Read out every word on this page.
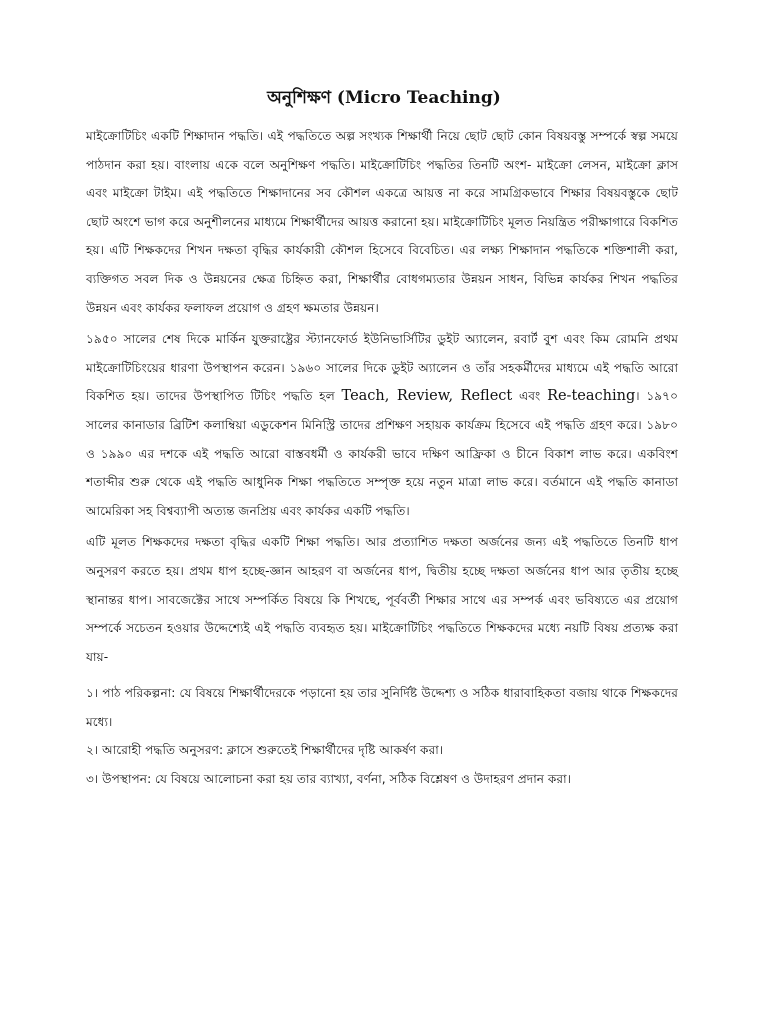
অনুশিক্ষণ (Micro Teaching)

মাইক্রোটিচিং একটি শিক্ষাদান পদ্ধতি। এই পদ্ধতিতে অল্প সংখ্যক শিক্ষার্থী নিয়ে ছোট ছোট কোন বিষয়বস্তু সম্পর্কে স্বল্প সময়ে পাঠদান করা হয়। বাংলায় একে বলে অনুশিক্ষণ পদ্ধতি। মাইক্রোটিচিং পদ্ধতির তিনটি অংশ- মাইক্রো লেসন, মাইক্রো ক্লাস এবং মাইক্রো টাইম। এই পদ্ধতিতে শিক্ষাদানের সব কৌশল একত্রে আয়ত্ত না করে সামগ্রিকভাবে শিক্ষার বিষয়বস্তুকে ছোট ছোট অংশে ভাগ করে অনুশীলনের মাধ্যমে শিক্ষার্থীদের আয়ত্ত করানো হয়। মাইক্রোটিচিং মূলত নিয়ন্ত্রিত পরীক্ষাগারে বিকশিত হয়। এটি শিক্ষকদের শিখন দক্ষতা বৃদ্ধির কার্যকারী কৌশল হিসেবে বিবেচিত। এর লক্ষ্য শিক্ষাদান পদ্ধতিকে শক্তিশালী করা, ব্যক্তিগত সবল দিক ও উন্নয়নের ক্ষেত্র চিহ্নিত করা, শিক্ষার্থীর বোধগম্যতার উন্নয়ন সাধন, বিভিন্ন কার্যকর শিখন পদ্ধতির উন্নয়ন এবং কার্যকর ফলাফল প্রয়োগ ও গ্রহণ ক্ষমতার উন্নয়ন।

১৯৫০ সালের শেষ দিকে মার্কিন যুক্তরাষ্ট্রের স্ট্যানফোর্ড ইউনিভার্সিটির ডুইট অ্যালেন, রবার্ট বুশ এবং কিম রোমনি প্রথম মাইক্রোটিচিংয়ের ধারণা উপস্থাপন করেন। ১৯৬০ সালের দিকে ডুইট অ্যালেন ও তাঁর সহকর্মীদের মাধ্যমে এই পদ্ধতি আরো বিকশিত হয়। তাদের উপস্থাপিত টিচিং পদ্ধতি হল Teach, Review, Reflect এবং Re-teaching। ১৯৭০ সালের কানাডার ব্রিটিশ কলাম্বিয়া এডুকেশন মিনিস্ট্রি তাদের প্রশিক্ষণ সহায়ক কার্যক্রম হিসেবে এই পদ্ধতি গ্রহণ করে। ১৯৮০ ও ১৯৯০ এর দশকে এই পদ্ধতি আরো বাস্তবধর্মী ও কার্যকরী ভাবে দক্ষিণ আফ্রিকা ও চীনে বিকাশ লাভ করে। একবিংশ শতাব্দীর শুরু থেকে এই পদ্ধতি আধুনিক শিক্ষা পদ্ধতিতে সম্পৃক্ত হয়ে নতুন মাত্রা লাভ করে। বর্তমানে এই পদ্ধতি কানাডা আমেরিকা সহ বিশ্বব্যাপী অত্যন্ত জনপ্রিয় এবং কার্যকর একটি পদ্ধতি।

এটি মূলত শিক্ষকদের দক্ষতা বৃদ্ধির একটি শিক্ষা পদ্ধতি। আর প্রত্যাশিত দক্ষতা অর্জনের জন্য এই পদ্ধতিতে তিনটি ধাপ অনুসরণ করতে হয়। প্রথম ধাপ হচ্ছে-জ্ঞান আহরণ বা অর্জনের ধাপ, দ্বিতীয় হচ্ছে দক্ষতা অর্জনের ধাপ আর তৃতীয় হচ্ছে স্থানান্তর ধাপ। সাবজেক্টের সাথে সম্পর্কিত বিষয়ে কি শিখছে, পূর্ববর্তী শিক্ষার সাথে এর সম্পর্ক এবং ভবিষ্যতে এর প্রয়োগ সম্পর্কে সচেতন হওয়ার উদ্দেশ্যেই এই পদ্ধতি ব্যবহৃত হয়। মাইক্রোটিচিং পদ্ধতিতে শিক্ষকদের মধ্যে নয়টি বিষয় প্রত্যক্ষ করা যায়-

১। পাঠ পরিকল্পনা: যে বিষয়ে শিক্ষার্থীদেরকে পড়ানো হয় তার সুনির্দিষ্ট উদ্দেশ্য ও সঠিক ধারাবাহিকতা বজায় থাকে শিক্ষকদের মধ্যে।

২। আরোহী পদ্ধতি অনুসরণ: ক্লাসে শুরুতেই শিক্ষার্থীদের দৃষ্টি আকর্ষণ করা।

৩। উপস্থাপন: যে বিষয়ে আলোচনা করা হয় তার ব্যাখ্যা, বর্ণনা, সঠিক বিশ্লেষণ ও উদাহরণ প্রদান করা।
